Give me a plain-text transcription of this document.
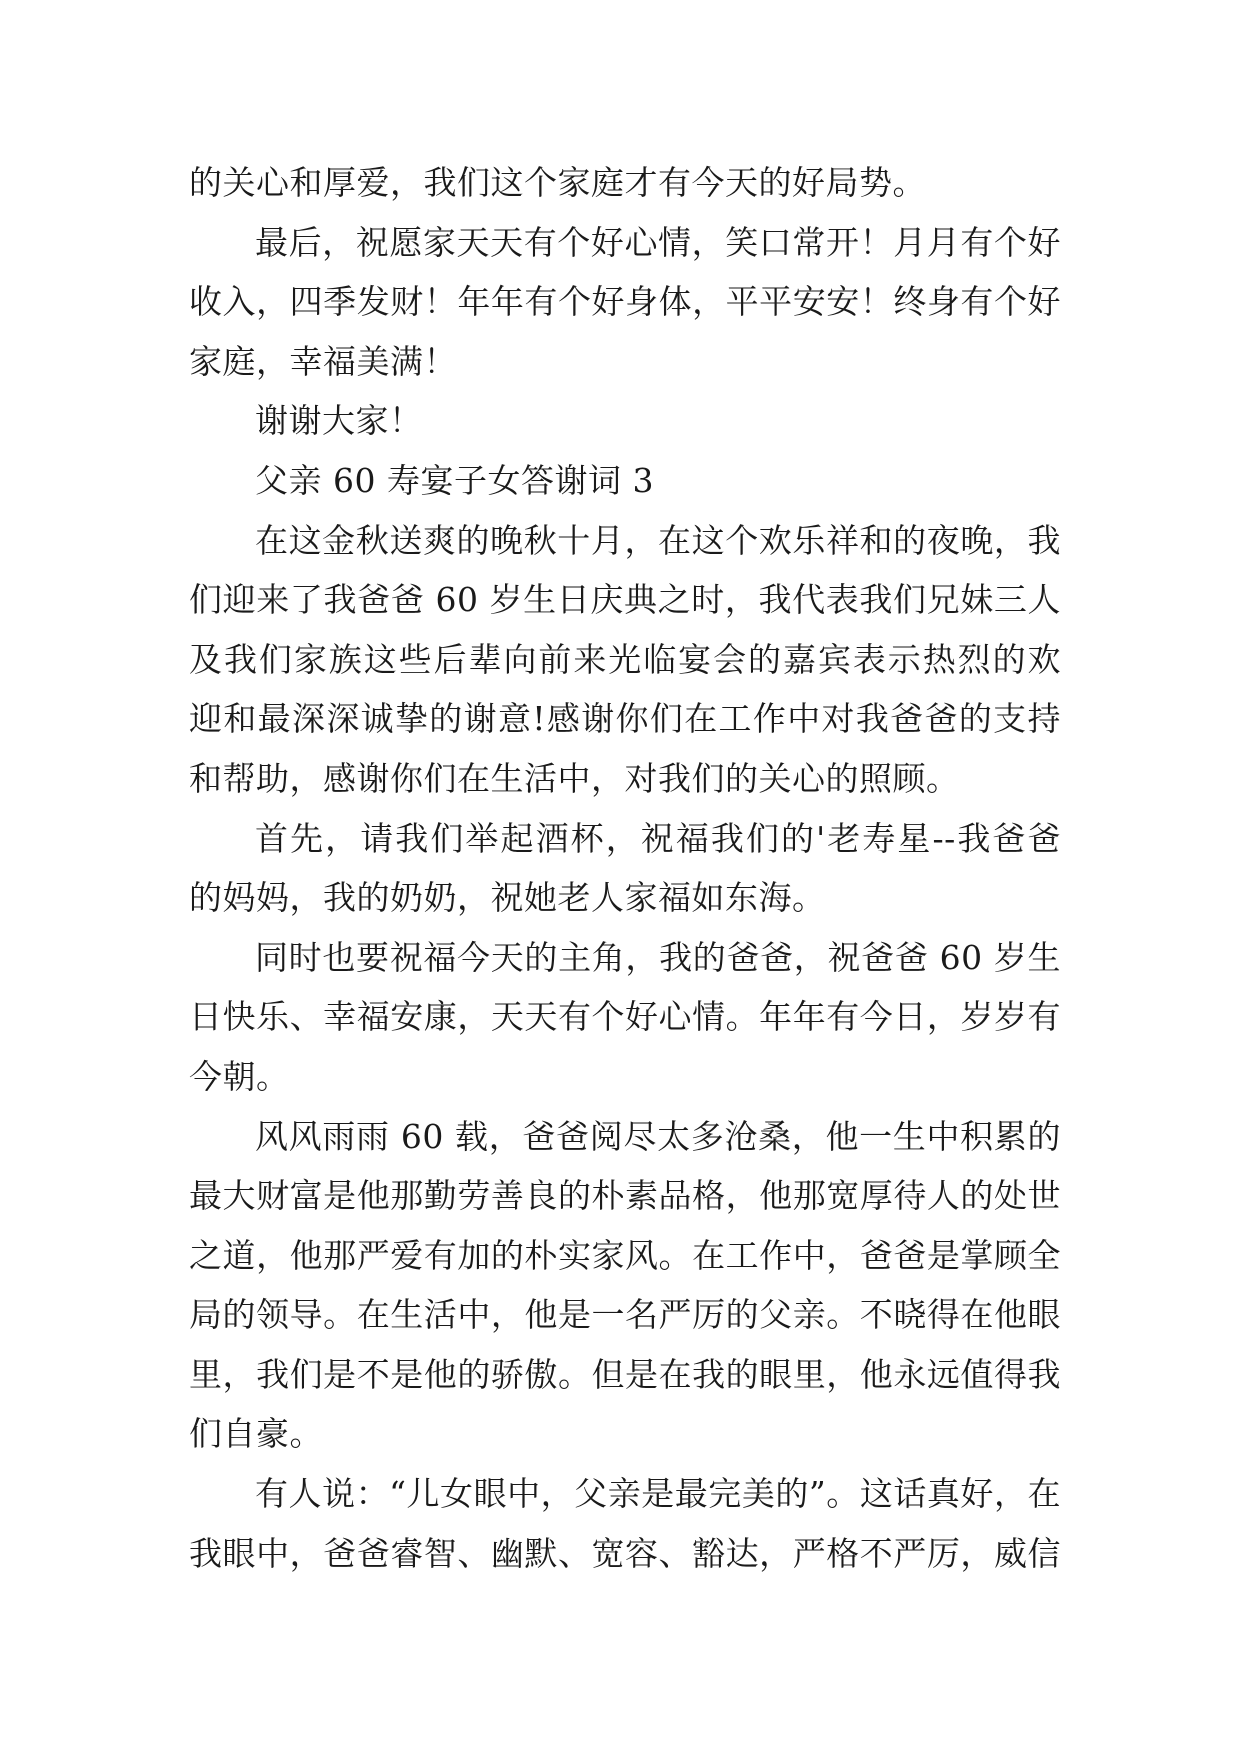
的关心和厚爱，我们这个家庭才有今天的好局势。
最后，祝愿家天天有个好心情，笑口常开！月月有个好
收入，四季发财！年年有个好身体，平平安安！终身有个好
家庭，幸福美满！
谢谢大家！
父亲 60 寿宴子女答谢词 3
在这金秋送爽的晚秋十月，在这个欢乐祥和的夜晚，我
们迎来了我爸爸 60 岁生日庆典之时，我代表我们兄妹三人
及我们家族这些后辈向前来光临宴会的嘉宾表示热烈的欢
迎和最深深诚挚的谢意!感谢你们在工作中对我爸爸的支持
和帮助，感谢你们在生活中，对我们的关心的照顾。
首先，请我们举起酒杯，祝福我们的'老寿星--我爸爸
的妈妈，我的奶奶，祝她老人家福如东海。
同时也要祝福今天的主角，我的爸爸，祝爸爸 60 岁生
日快乐、幸福安康，天天有个好心情。年年有今日，岁岁有
今朝。
风风雨雨 60 载，爸爸阅尽太多沧桑，他一生中积累的
最大财富是他那勤劳善良的朴素品格，他那宽厚待人的处世
之道，他那严爱有加的朴实家风。在工作中，爸爸是掌顾全
局的领导。在生活中，他是一名严厉的父亲。不晓得在他眼
里，我们是不是他的骄傲。但是在我的眼里，他永远值得我
们自豪。
有人说：“儿女眼中，父亲是最完美的”。这话真好，在
我眼中，爸爸睿智、幽默、宽容、豁达，严格不严厉，威信
